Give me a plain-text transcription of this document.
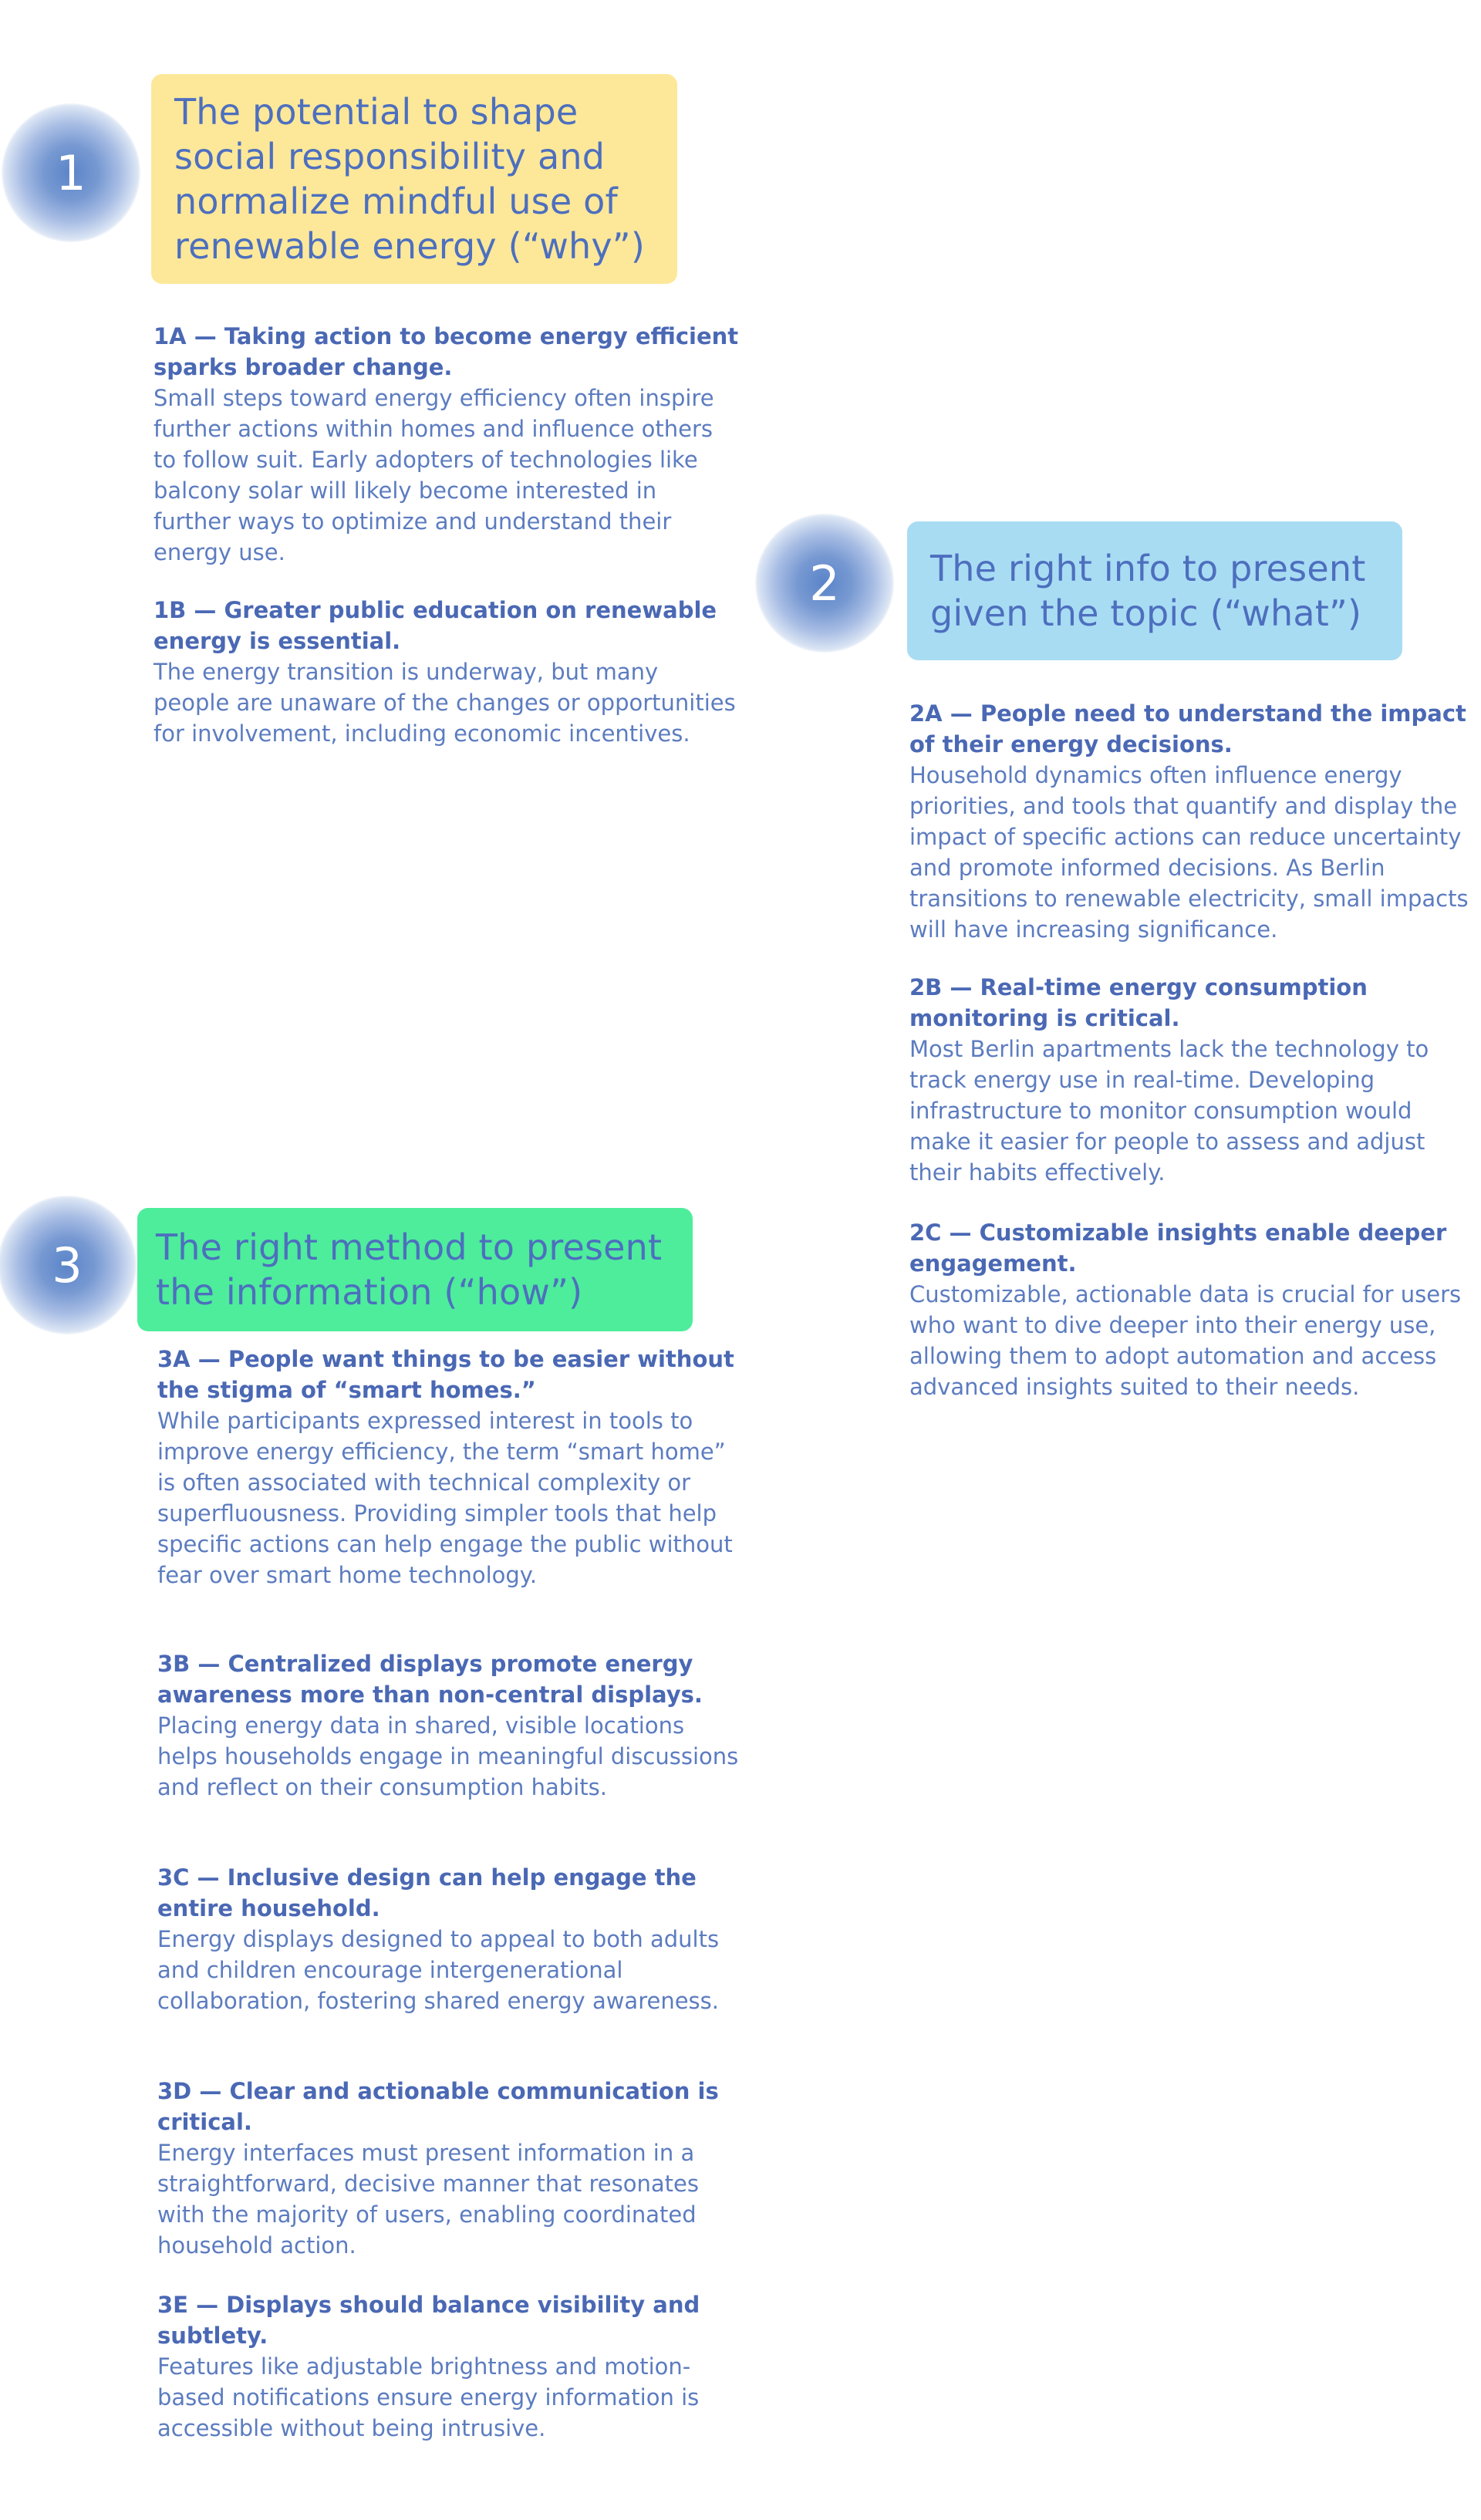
1
The potential to shape social responsibility and normalize mindful use of renewable energy (“why”)

1A — Taking action to become energy efficient sparks broader change.

Small steps toward energy efficiency often inspire further actions within homes and influence others to follow suit. Early adopters of technologies like balcony solar will likely become interested in further ways to optimize and understand their energy use.

1B — Greater public education on renewable energy is essential.

The energy transition is underway, but many people are unaware of the changes or opportunities for involvement, including economic incentives.

2	The right info to present given the topic (“what”)

2A — People need to understand the impact of their energy decisions.

Household dynamics often influence energy priorities, and tools that quantify and display the impact of specific actions can reduce uncertainty and promote informed decisions. As Berlin transitions to renewable electricity, small impacts will have increasing significance.

2B — Real-time energy consumption monitoring is critical.

Most Berlin apartments lack the technology to track energy use in real-time. Developing infrastructure to monitor consumption would make it easier for people to assess and adjust their habits effectively.

2C — Customizable insights enable deeper engagement.

Customizable, actionable data is crucial for users who want to dive deeper into their energy use, allowing them to adopt automation and access advanced insights suited to their needs.

3 The right method to present the information (“how”)

3A — People want things to be easier without the stigma of “smart homes.”

While participants expressed interest in tools to improve energy efficiency, the term “smart home” is often associated with technical complexity or superfluousness. Providing simpler tools that help specific actions can help engage the public without fear over smart home technology.

3B — Centralized displays promote energy awareness more than non-central displays.

Placing energy data in shared, visible locations helps households engage in meaningful discussions and reflect on their consumption habits.

3C — Inclusive design can help engage the entire household.

Energy displays designed to appeal to both adults and children encourage intergenerational collaboration, fostering shared energy awareness.

3D — Clear and actionable communication is critical.

Energy interfaces must present information in a straightforward, decisive manner that resonates with the majority of users, enabling coordinated household action.

3E — Displays should balance visibility and subtlety.

Features like adjustable brightness and motion-based notifications ensure energy information is accessible without being intrusive.
